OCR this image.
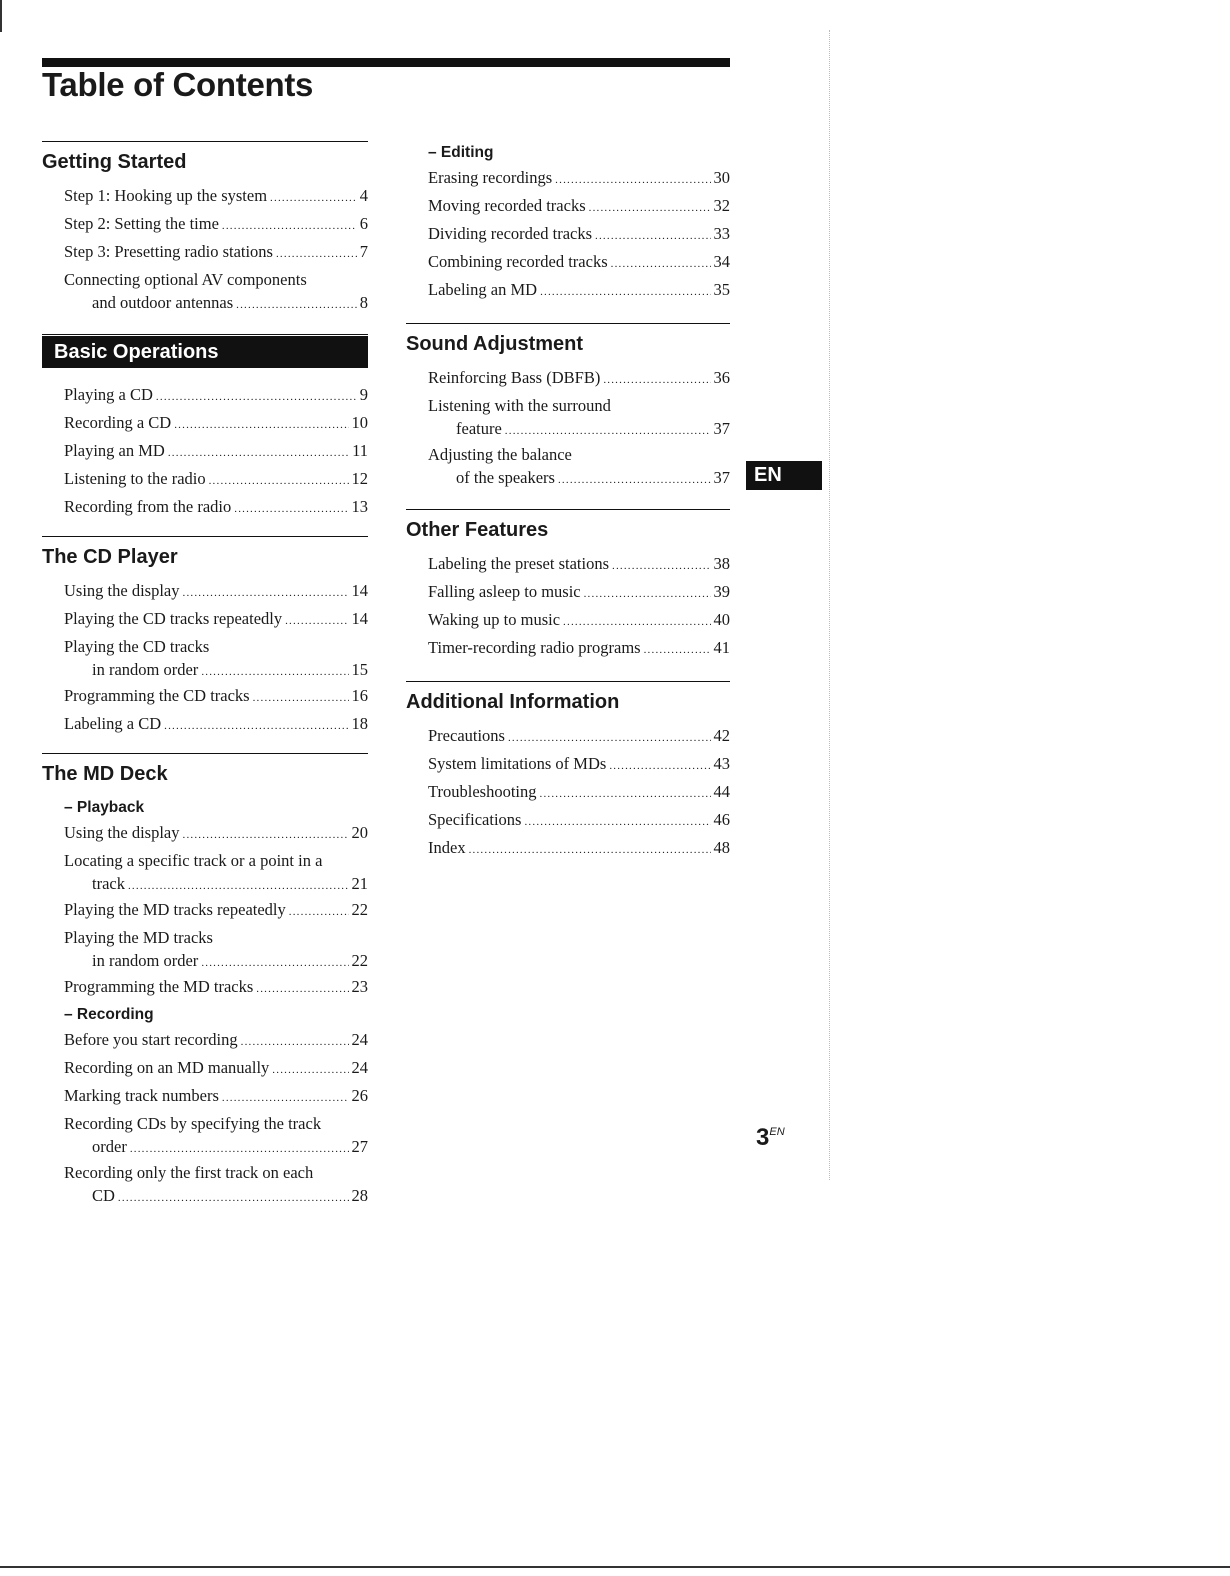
Table of Contents
Getting Started
Step 1: Hooking up the system .....	4
Step 2: Setting the time .....	6
Step 3: Presetting radio stations .....	7
Connecting optional AV components
and outdoor antennas .....	8
Basic Operations
Playing a CD .....	9
Recording a CD .....	10
Playing an MD .....	11
Listening to the radio .....	12
Recording from the radio .....	13
The CD Player
Using the display .....	14
Playing the CD tracks repeatedly .....	14
Playing the CD tracks
in random order .....	15
Programming the CD tracks .....	16
Labeling a CD .....	18
The MD Deck
– Playback
Using the display .....	20
Locating a specific track or a point in a
track .....	21
Playing the MD tracks repeatedly .....	22
Playing the MD tracks
in random order .....	22
Programming the MD tracks .....	23
– Recording
Before you start recording .....	24
Recording on an MD manually .....	24
Marking track numbers .....	26
Recording CDs by specifying the track
order .....	27
Recording only the first track on each
CD .....	28
– Editing
Erasing recordings .....	30
Moving recorded tracks .....	32
Dividing recorded tracks .....	33
Combining recorded tracks .....	34
Labeling an MD .....	35
Sound Adjustment
Reinforcing Bass (DBFB) .....	36
Listening with the surround
feature .....	37
Adjusting the balance
of the speakers .....	37
Other Features
Labeling the preset stations .....	38
Falling asleep to music .....	39
Waking up to music .....	40
Timer-recording radio programs .....	41
Additional Information
Precautions .....	42
System limitations of MDs .....	43
Troubleshooting .....	44
Specifications .....	46
Index .....	48
EN
$3^{EN}$
